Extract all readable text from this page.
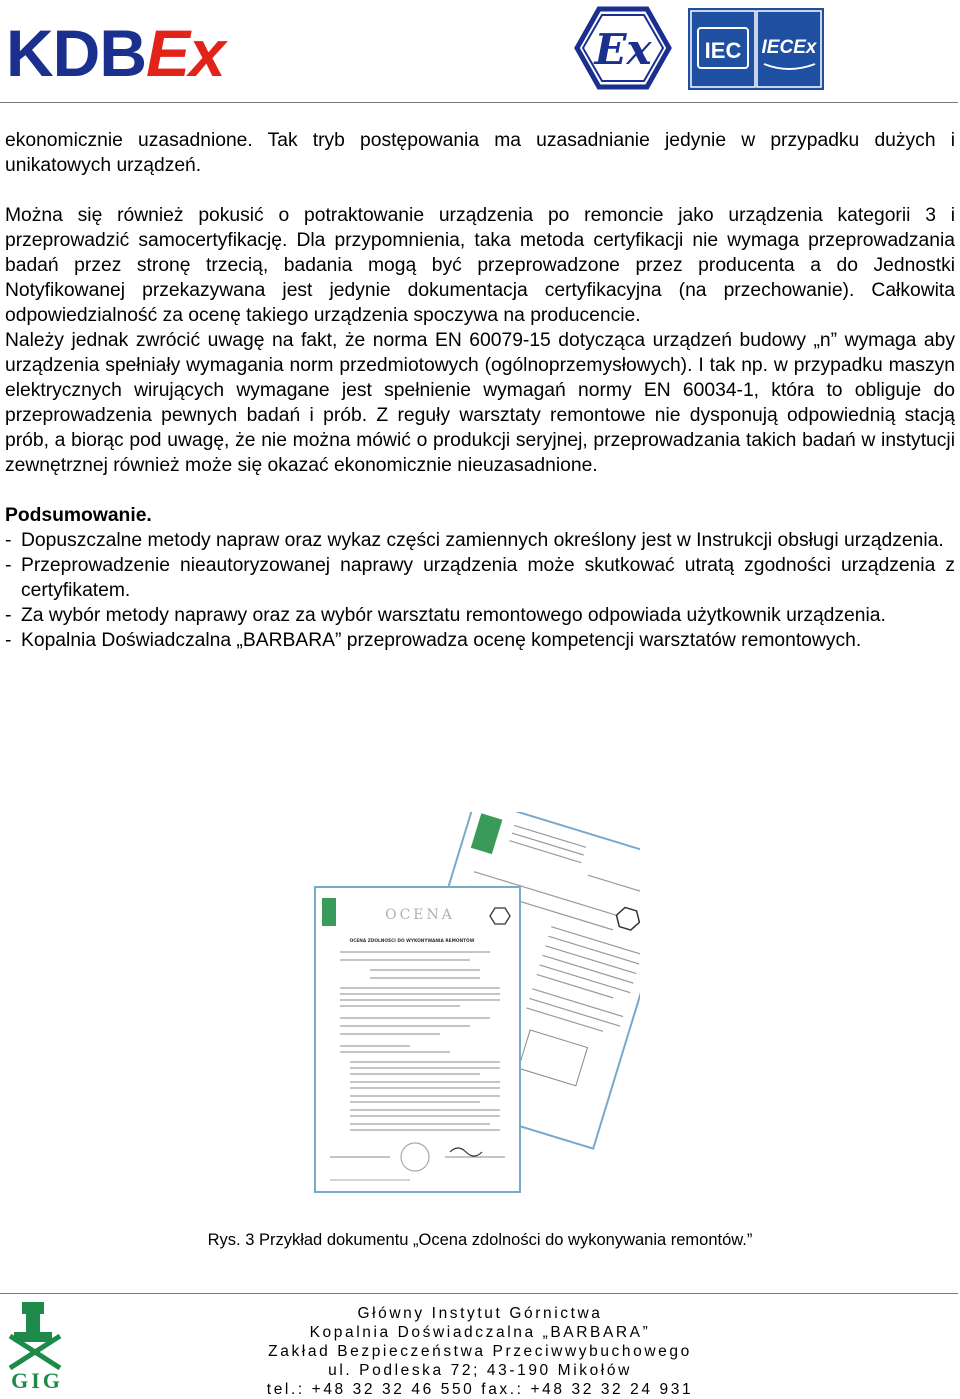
KDBEx	Ex IEC IECEx

ekonomicznie uzasadnione. Tak tryb postępowania ma uzasadnianie jedynie w przypadku dużych i unikatowych urządzeń.

Można się również pokusić o potraktowanie urządzenia po remoncie jako urządzenia kategorii 3 i przeprowadzić samocertyfikację. Dla przypomnienia, taka metoda certyfikacji nie wymaga przeprowadzania badań przez stronę trzecią, badania mogą być przeprowadzone przez producenta a do Jednostki Notyfikowanej przekazywana jest jedynie dokumentacja certyfikacyjna (na przechowanie). Całkowita odpowiedzialność za ocenę takiego urządzenia spoczywa na producencie.

Należy jednak zwrócić uwagę na fakt, że norma EN 60079-15 dotycząca urządzeń budowy „n” wymaga aby urządzenia spełniały wymagania norm przedmiotowych (ogólnoprzemysłowych). I tak np. w przypadku maszyn elektrycznych wirujących wymagane jest spełnienie wymagań normy EN 60034-1, która to obliguje do przeprowadzenia pewnych badań i prób. Z reguły warsztaty remontowe nie dysponują odpowiednią stacją prób, a biorąc pod uwagę, że nie można mówić o produkcji seryjnej, przeprowadzania takich badań w instytucji zewnętrznej również może się okazać ekonomicznie nieuzasadnione.

Podsumowanie.

- Dopuszczalne metody napraw oraz wykaz części zamiennych określony jest w Instrukcji obsługi urządzenia.
- Przeprowadzenie nieautoryzowanej naprawy urządzenia może skutkować utratą zgodności urządzenia z certyfikatem.
- Za wybór metody naprawy oraz za wybór warsztatu remontowego odpowiada użytkownik urządzenia.
- Kopalnia Doświadczalna „BARBARA” przeprowadza ocenę kompetencji warsztatów remontowych.
OCENA
OCENA ZDOLNOŚCI DO WYKONYWANIA REMONTÓW
Rys. 3 Przykład dokumentu „Ocena zdolności do wykonywania remontów.”
GIG
Główny Instytut Górnictwa
Kopalnia Doświadczalna „BARBARA”
Zakład Bezpieczeństwa Przeciwwybuchowego
ul. Podleska 72; 43-190 Mikołów
tel.: +48 32 32 46 550 fax.: +48 32 32 24 931
